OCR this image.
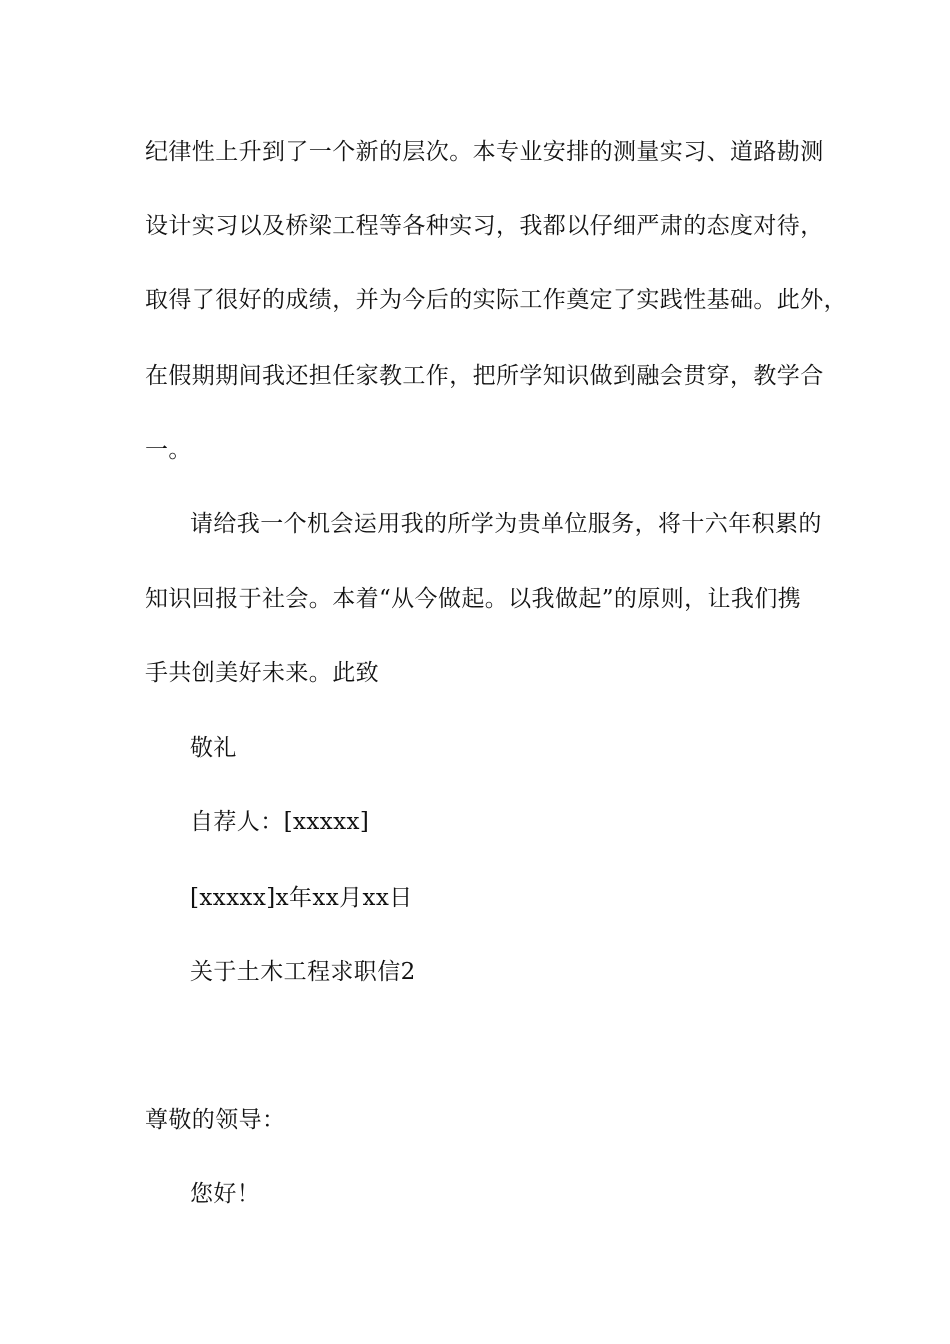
纪律性上升到了一个新的层次。本专业安排的测量实习、道路勘测
设计实习以及桥梁工程等各种实习，我都以仔细严肃的态度对待，
取得了很好的成绩，并为今后的实际工作奠定了实践性基础。此外，
在假期期间我还担任家教工作，把所学知识做到融会贯穿，教学合
一。
请给我一个机会运用我的所学为贵单位服务，将十六年积累的
知识回报于社会。本着“从今做起。以我做起”的原则，让我们携
手共创美好未来。此致
敬礼
自荐人：[xxxxx]
[xxxxx]x年xx月xx日
关于土木工程求职信2
尊敬的领导：
您好！
